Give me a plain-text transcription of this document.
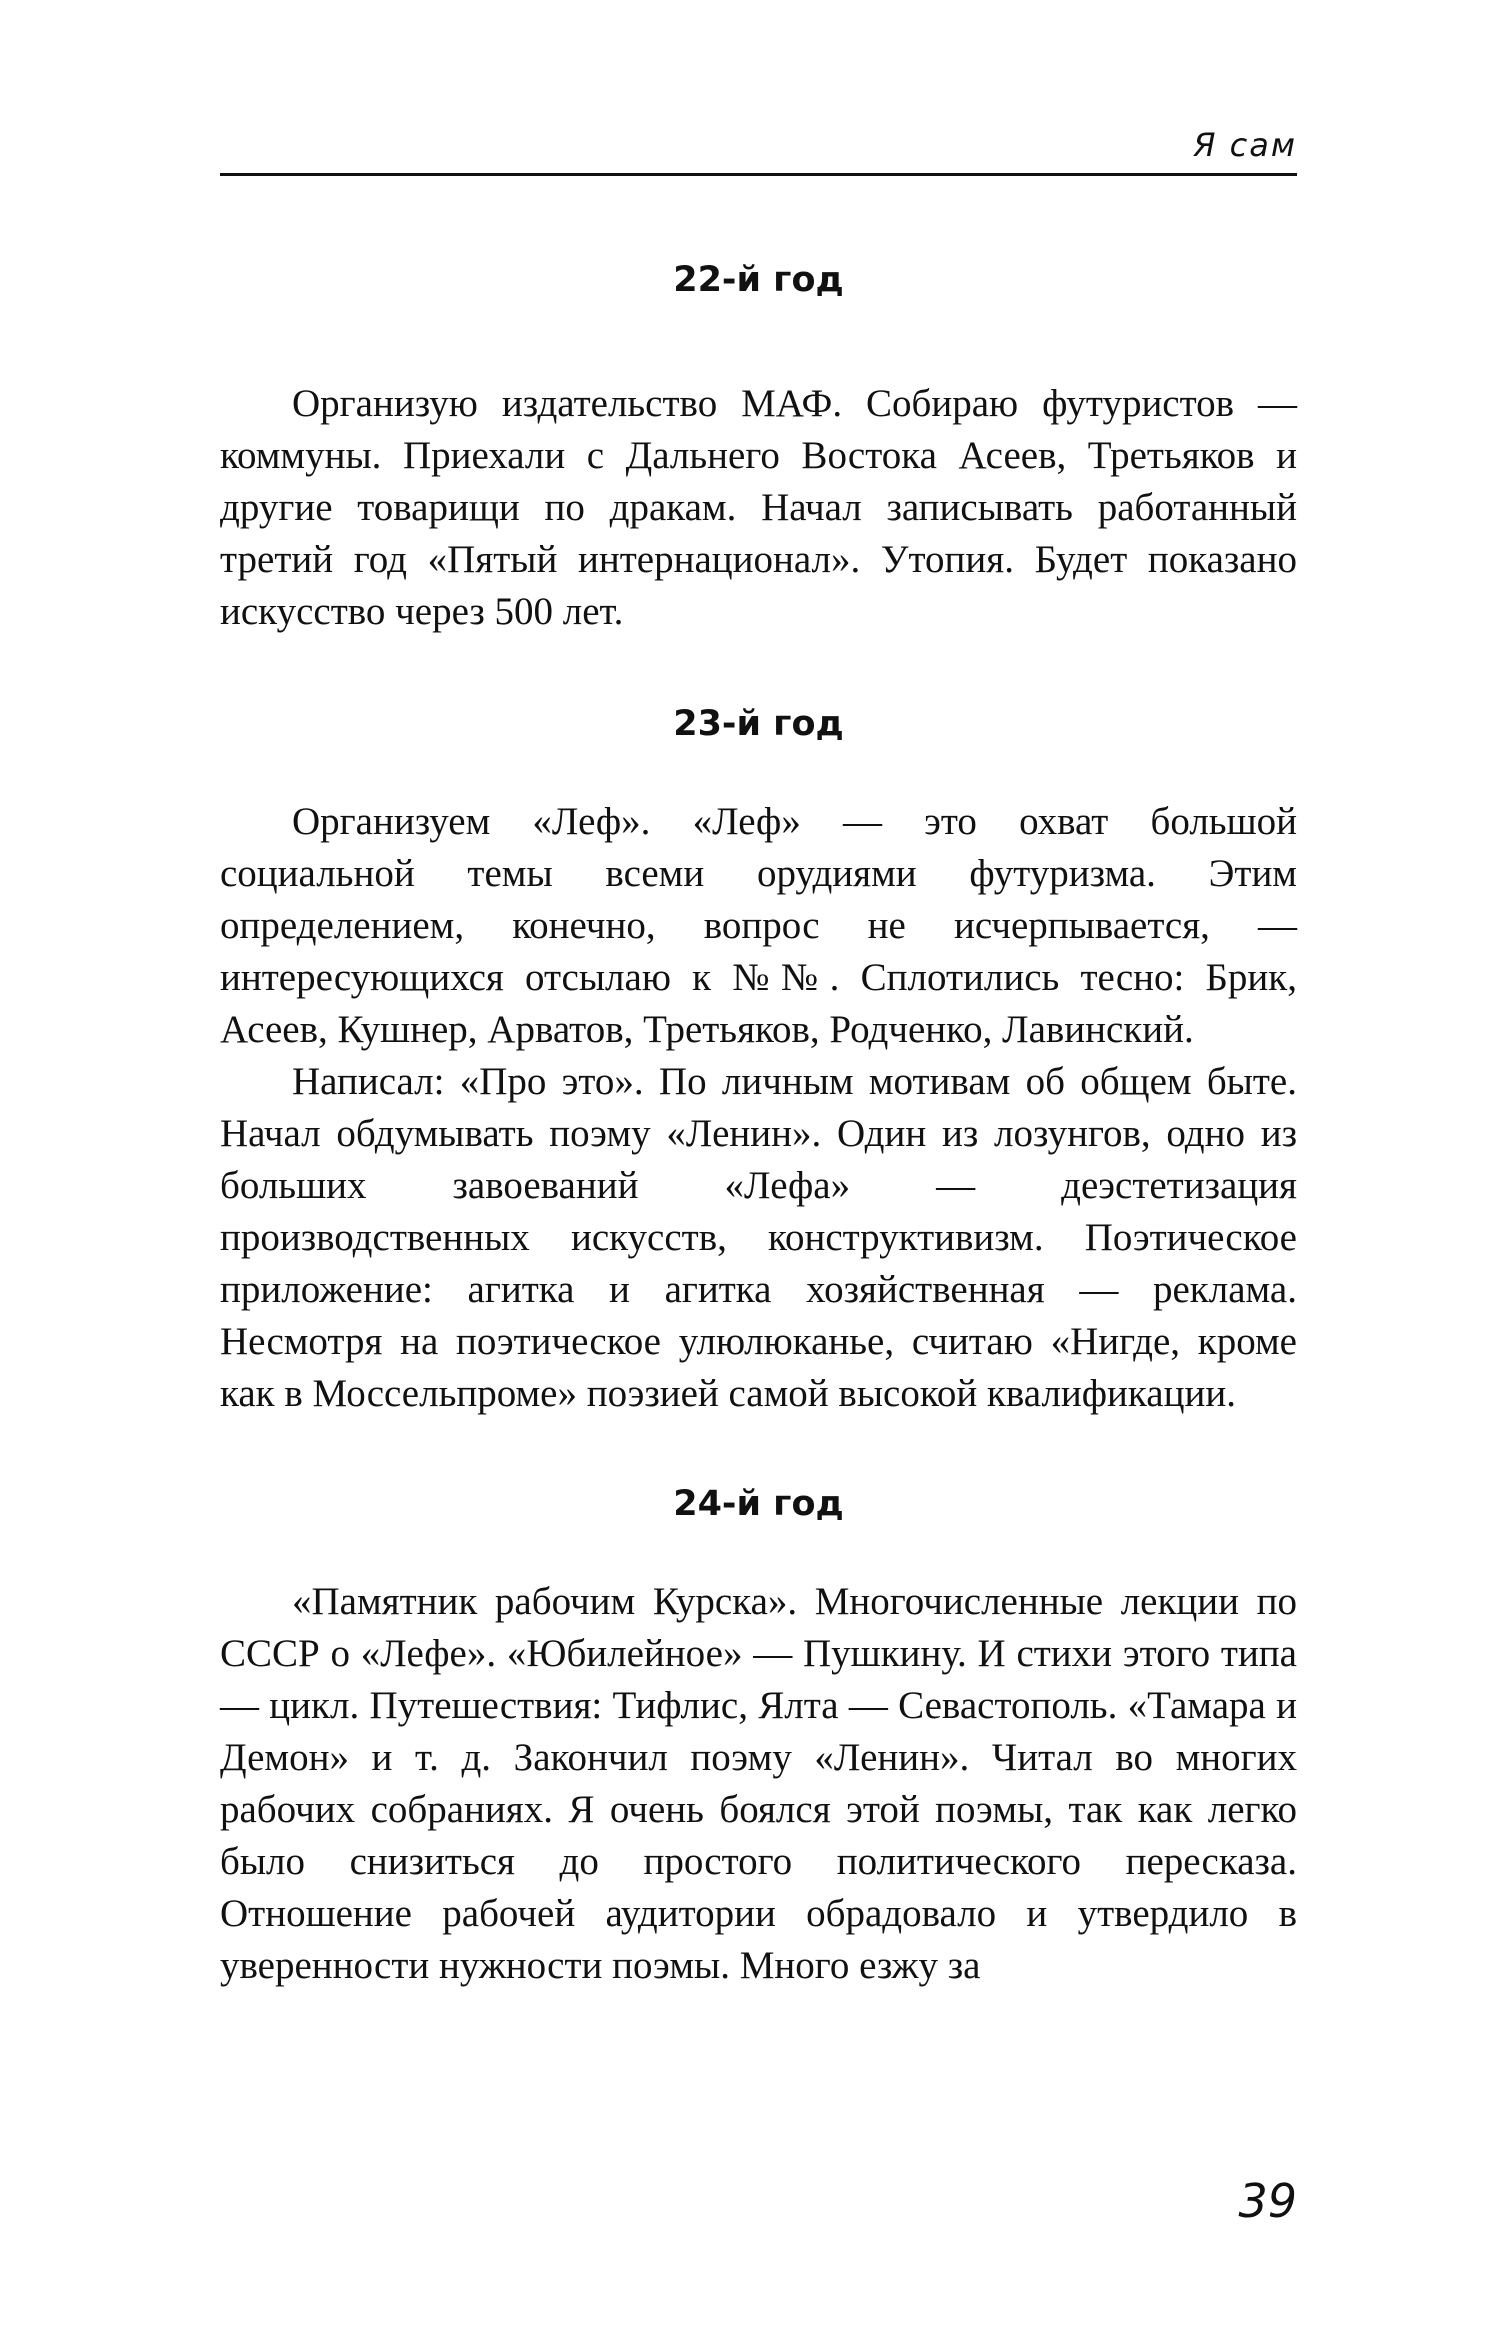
Я сам
22-й год

Организую издательство МАФ. Собираю футуристов — коммуны. Приехали с Дальнего Востока Асеев, Третьяков и другие товарищи по дракам. Начал записывать работанный третий год «Пятый интернационал». Утопия. Будет показано искусство через 500 лет.

23-й год

Организуем «Леф». «Леф» — это охват большой социальной темы всеми орудиями футуризма. Этим определением, конечно, вопрос не исчерпывается, — интересующихся отсылаю к №№. Сплотились тесно: Брик, Асеев, Кушнер, Арватов, Третьяков, Родченко, Лавинский.

Написал: «Про это». По личным мотивам об общем быте. Начал обдумывать поэму «Ленин». Один из лозунгов, одно из больших завоеваний «Лефа» — деэстетизация производственных искусств, конструктивизм. Поэтическое приложение: агитка и агитка хозяйственная — реклама. Несмотря на поэтическое улюлюканье, считаю «Нигде, кроме как в Моссельпроме» поэзией самой высокой квалификации.

24-й год

«Памятник рабочим Курска». Многочисленные лекции по СССР о «Лефе». «Юбилейное» — Пушкину. И стихи этого типа — цикл. Путешествия: Тифлис, Ялта — Севастополь. «Тамара и Демон» и т. д. Закончил поэму «Ленин». Читал во многих рабочих собраниях. Я очень боялся этой поэмы, так как легко было снизиться до простого политического пересказа. Отношение рабочей аудитории обрадовало и утвердило в уверенности нужности поэмы. Много езжу за

39
